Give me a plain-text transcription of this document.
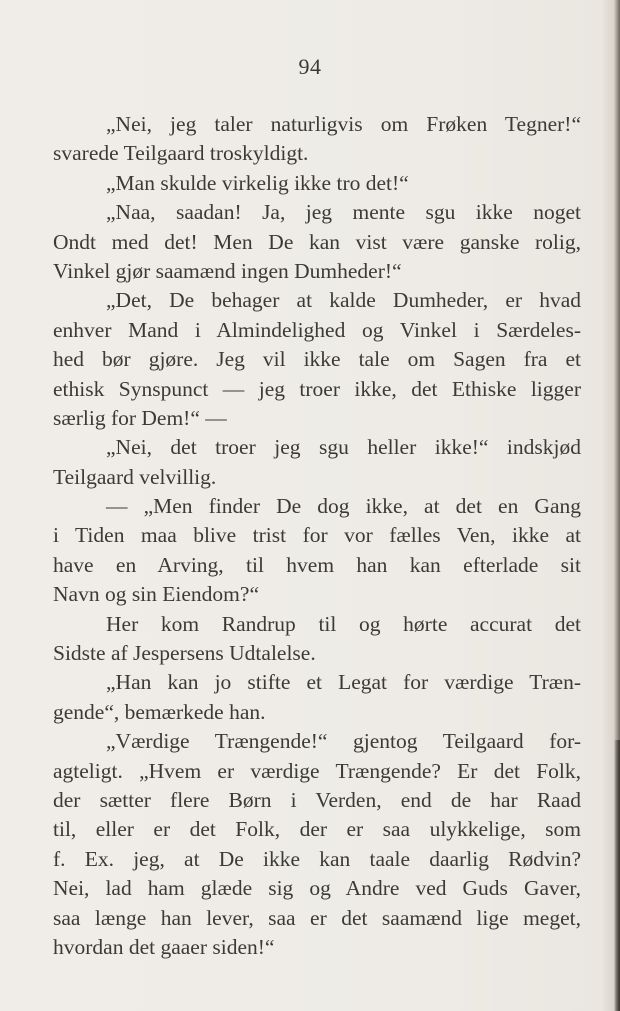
94
„Nei, jeg taler naturligvis om Frøken Tegner!“
svarede Teilgaard troskyldigt.
„Man skulde virkelig ikke tro det!“
„Naa, saadan! Ja, jeg mente sgu ikke noget
Ondt med det! Men De kan vist være ganske rolig,
Vinkel gjør saamænd ingen Dumheder!“
„Det, De behager at kalde Dumheder, er hvad
enhver Mand i Almindelighed og Vinkel i Særdeles-
hed bør gjøre. Jeg vil ikke tale om Sagen fra et
ethisk Synspunct — jeg troer ikke, det Ethiske ligger
særlig for Dem!“ —
„Nei, det troer jeg sgu heller ikke!“ indskjød
Teilgaard velvillig.
— „Men finder De dog ikke, at det en Gang
i Tiden maa blive trist for vor fælles Ven, ikke at
have en Arving, til hvem han kan efterlade sit
Navn og sin Eiendom?“
Her kom Randrup til og hørte accurat det
Sidste af Jespersens Udtalelse.
„Han kan jo stifte et Legat for værdige Træn-
gende“, bemærkede han.
„Værdige Trængende!“ gjentog Teilgaard for-
agteligt. „Hvem er værdige Trængende? Er det Folk,
der sætter flere Børn i Verden, end de har Raad
til, eller er det Folk, der er saa ulykkelige, som
f. Ex. jeg, at De ikke kan taale daarlig Rødvin?
Nei, lad ham glæde sig og Andre ved Guds Gaver,
saa længe han lever, saa er det saamænd lige meget,
hvordan det gaaer siden!“
